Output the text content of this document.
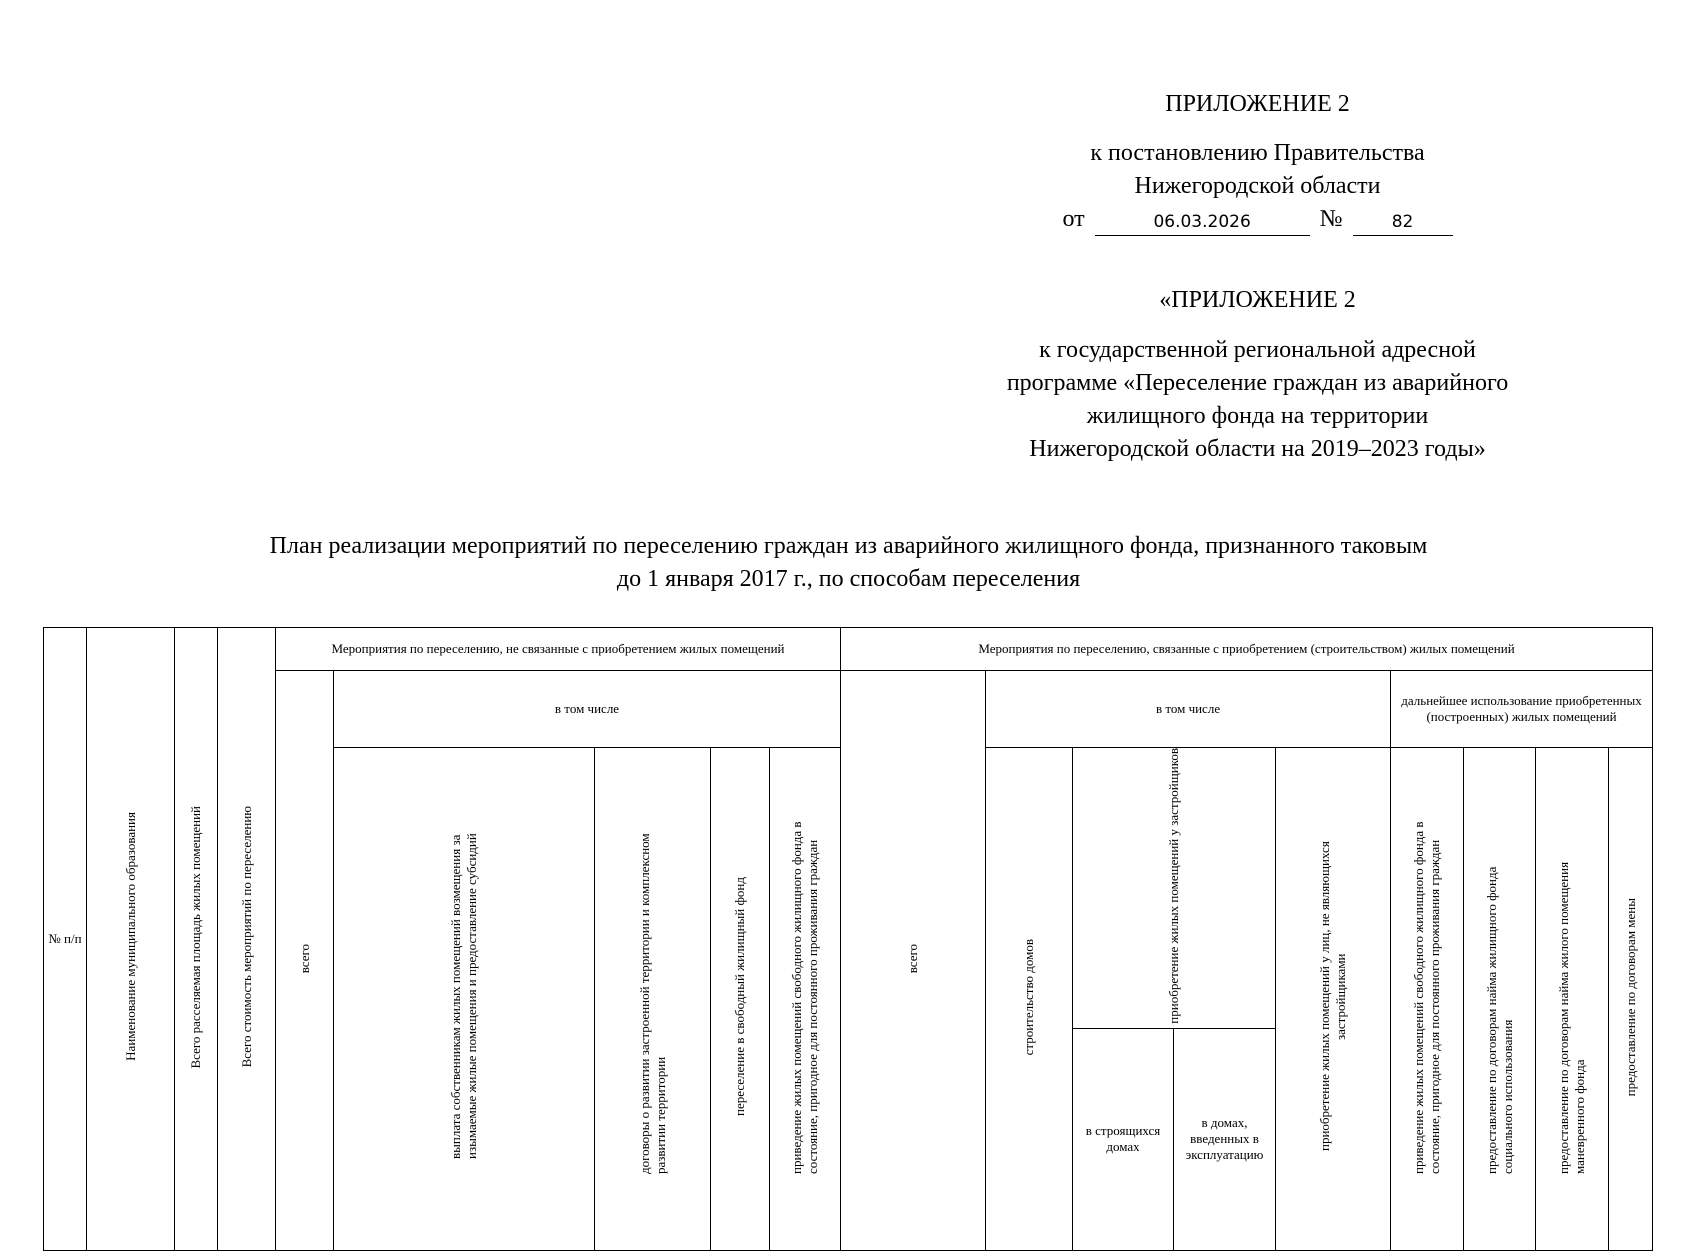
ПРИЛОЖЕНИЕ 2
к постановлению Правительства
Нижегородской области
от	06.03.2026	№	82
«ПРИЛОЖЕНИЕ 2
к государственной региональной адресной
программе «Переселение граждан из аварийного
жилищного фонда на территории
Нижегородской области на 2019–2023 годы»
План реализации мероприятий по переселению граждан из аварийного жилищного фонда, признанного таковым
до 1 января 2017 г., по способам переселения
№ п/п	Наименование муниципального образования	Всего расселяемая площадь жилых помещений	Всего стоимость мероприятий по переселению	Мероприятия по переселению, не связанные с приобретением жилых помещений					Мероприятия по переселению, связанные с приобретением (строительством) жилых помещений								
				всего	в том числе				всего	в том числе				дальнейшее использование приобретенных (построенных) жилых помещений			
					выплата собственникам жилых помещений возмещения за изымаемые жилые помещения и предоставление субсидий	договоры о развитии застроенной территории и комплексном развитии территории	переселение в свободный жилищный фонд	приведение жилых помещений свободного жилищного фонда в состояние, пригодное для постоянного проживания граждан		строительство домов	приобретение жилых помещений у застройщиков		приобретение жилых помещений у лиц, не являющихся застройщиками	приведение жилых помещений свободного жилищного фонда в состояние, пригодное для постоянного проживания граждан	предоставление по договорам найма жилищного фонда социального использования	предоставление по договорам найма жилого помещения маневренного фонда	предоставление по договорам мены
											в строящихся домах	в домах, введенных в эксплуатацию					
